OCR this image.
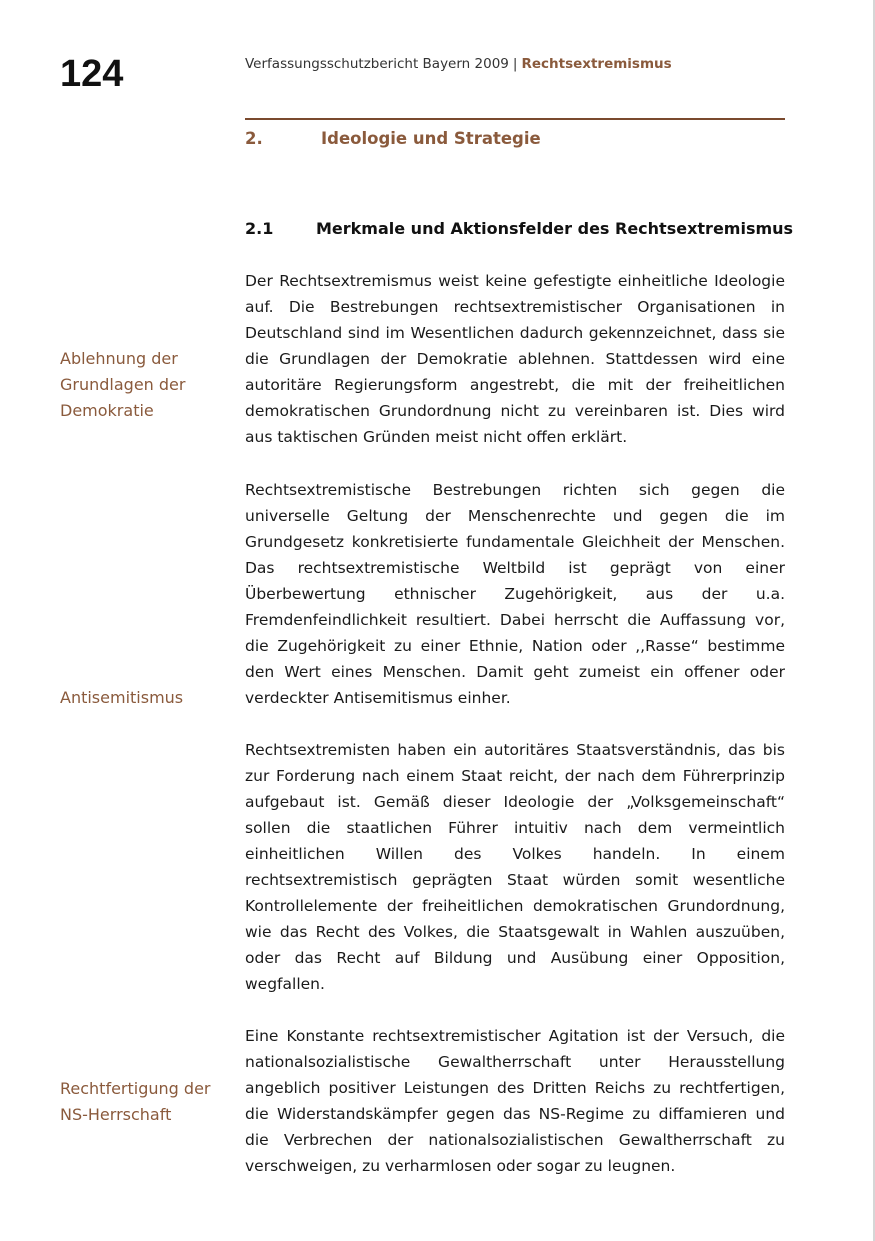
124	Verfassungsschutzbericht Bayern 2009 | Rechtsextremismus
2.	Ideologie und Strategie
2.1	Merkmale und Aktionsfelder des Rechtsextremismus
Ablehnung der Grundlagen der Demokratie
Antisemitismus
Rechtfertigung der NS-Herrschaft

Der Rechtsextremismus weist keine gefestigte einheitliche Ideologie auf. Die Bestrebungen rechtsextremistischer Organisationen in Deutschland sind im Wesentlichen dadurch gekennzeichnet, dass sie die Grundlagen der Demokratie ablehnen. Stattdessen wird eine autoritäre Regierungsform angestrebt, die mit der freiheitlichen demokratischen Grundordnung nicht zu vereinbaren ist. Dies wird aus taktischen Gründen meist nicht offen erklärt.

Rechtsextremistische Bestrebungen richten sich gegen die universelle Geltung der Menschenrechte und gegen die im Grundgesetz konkretisierte fundamentale Gleichheit der Menschen. Das rechtsextremistische Weltbild ist geprägt von einer Überbewertung ethnischer Zugehörigkeit, aus der u.a. Fremdenfeindlichkeit resultiert. Dabei herrscht die Auffassung vor, die Zugehörigkeit zu einer Ethnie, Nation oder ,,Rasse“ bestimme den Wert eines Menschen. Damit geht zumeist ein offener oder verdeckter Antisemitismus einher.

Rechtsextremisten haben ein autoritäres Staatsverständnis, das bis zur Forderung nach einem Staat reicht, der nach dem Führerprinzip aufgebaut ist. Gemäß dieser Ideologie der „Volksgemeinschaft“ sollen die staatlichen Führer intuitiv nach dem vermeintlich einheitlichen Willen des Volkes handeln. In einem rechtsextremistisch geprägten Staat würden somit wesentliche Kontrollelemente der freiheitlichen demokratischen Grundordnung, wie das Recht des Volkes, die Staatsgewalt in Wahlen auszuüben, oder das Recht auf Bildung und Ausübung einer Opposition, wegfallen.

Eine Konstante rechtsextremistischer Agitation ist der Versuch, die nationalsozialistische Gewaltherrschaft unter Herausstellung angeblich positiver Leistungen des Dritten Reichs zu rechtfertigen, die Widerstandskämpfer gegen das NS-Regime zu diffamieren und die Verbrechen der nationalsozialistischen Gewaltherrschaft zu verschweigen, zu verharmlosen oder sogar zu leugnen.
